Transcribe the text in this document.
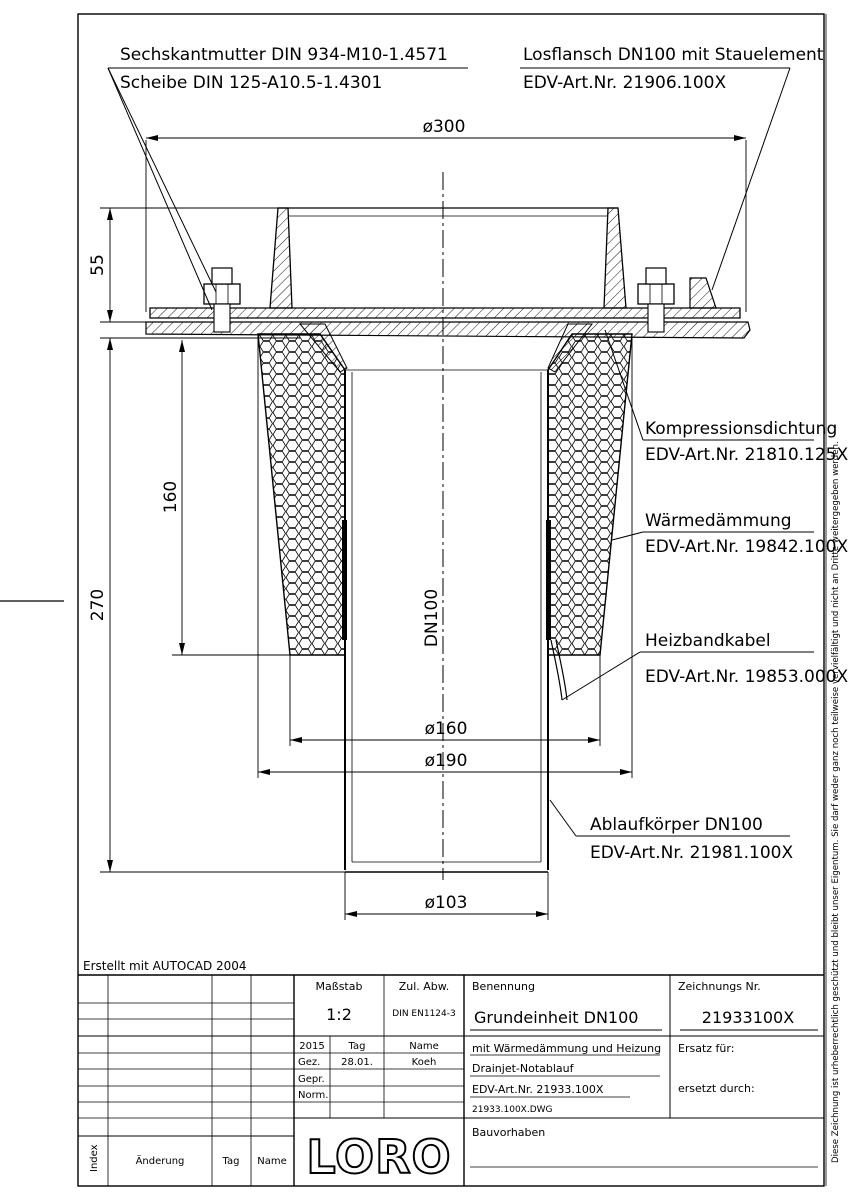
ø300
55
270
160
DN100
ø160
ø190
ø103
Sechskantmutter DIN 934-M10-1.4571
Scheibe DIN 125-A10.5-1.4301
Losflansch DN100 mit Stauelement
EDV-Art.Nr. 21906.100X
Kompressionsdichtung
EDV-Art.Nr. 21810.125X
Wärmedämmung
EDV-Art.Nr. 19842.100X
Heizbandkabel
EDV-Art.Nr. 19853.000X
Ablaufkörper DN100
EDV-Art.Nr. 21981.100X
Erstellt mit AUTOCAD 2004	Diese Zeichnung ist urheberrechtlich geschützt und bleibt unser Eigentum. Sie darf weder ganz noch teilweise vervielfältigt und nicht an Dritte weitergegeben werden.
Maßstab
1:2
Zul. Abw.
DIN EN1124-3
Benennung
Grundeinheit DN100
Zeichnungs Nr.
21933100X
2015 Tag	Name
Gez. 28.01.	Koeh
Gepr.
Norm.
mit Wärmedämmung und Heizung
Drainjet-Notablauf
EDV-Art.Nr. 21933.100X
21933.100X.DWG
Ersatz für:
ersetzt durch:
Bauvorhaben
Index	Änderung	Tag Name LORO
